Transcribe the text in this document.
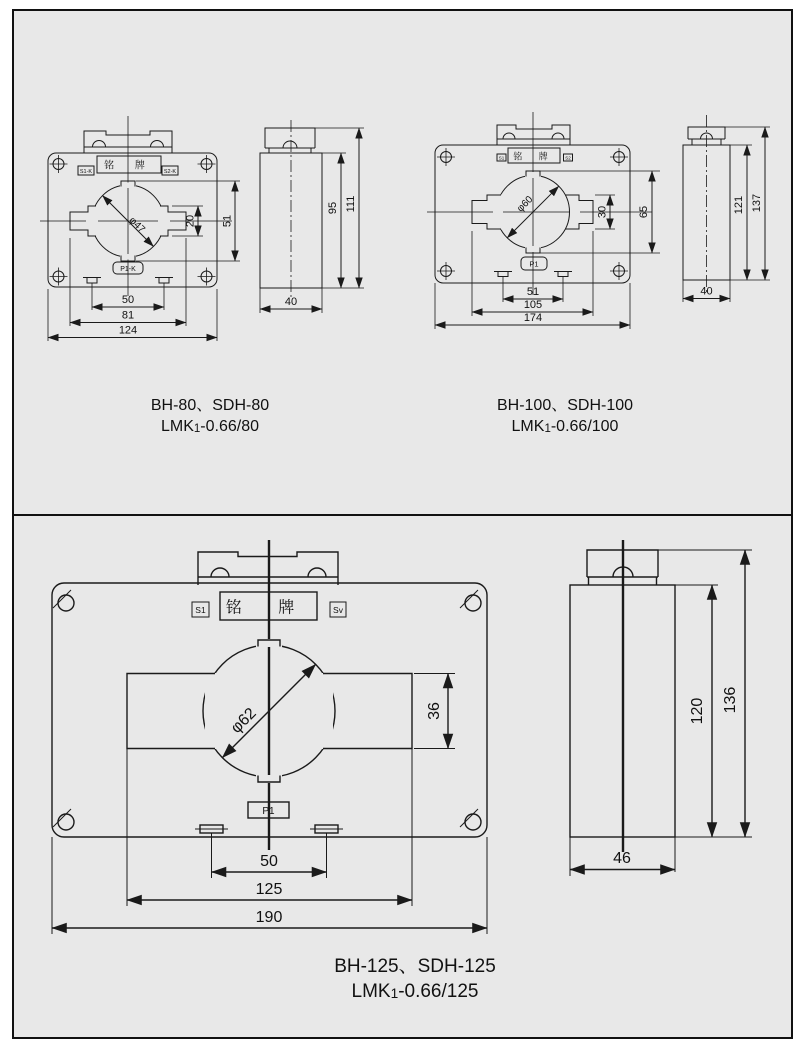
铭 牌
S1-K	S2-K
φ47	20 51
P1-K
50
81
124
95 111
40
铭 牌
S1	S2
φ60	30	65
P1
51
105
174
121 137
40
铭 牌
S1	Sv
φ62	36
P1
50
125
190
120 136
46
BH-80、SDH-80
LMK1-0.66/80
BH-100、SDH-100
LMK1-0.66/100
BH-125、SDH-125
LMK1-0.66/125
